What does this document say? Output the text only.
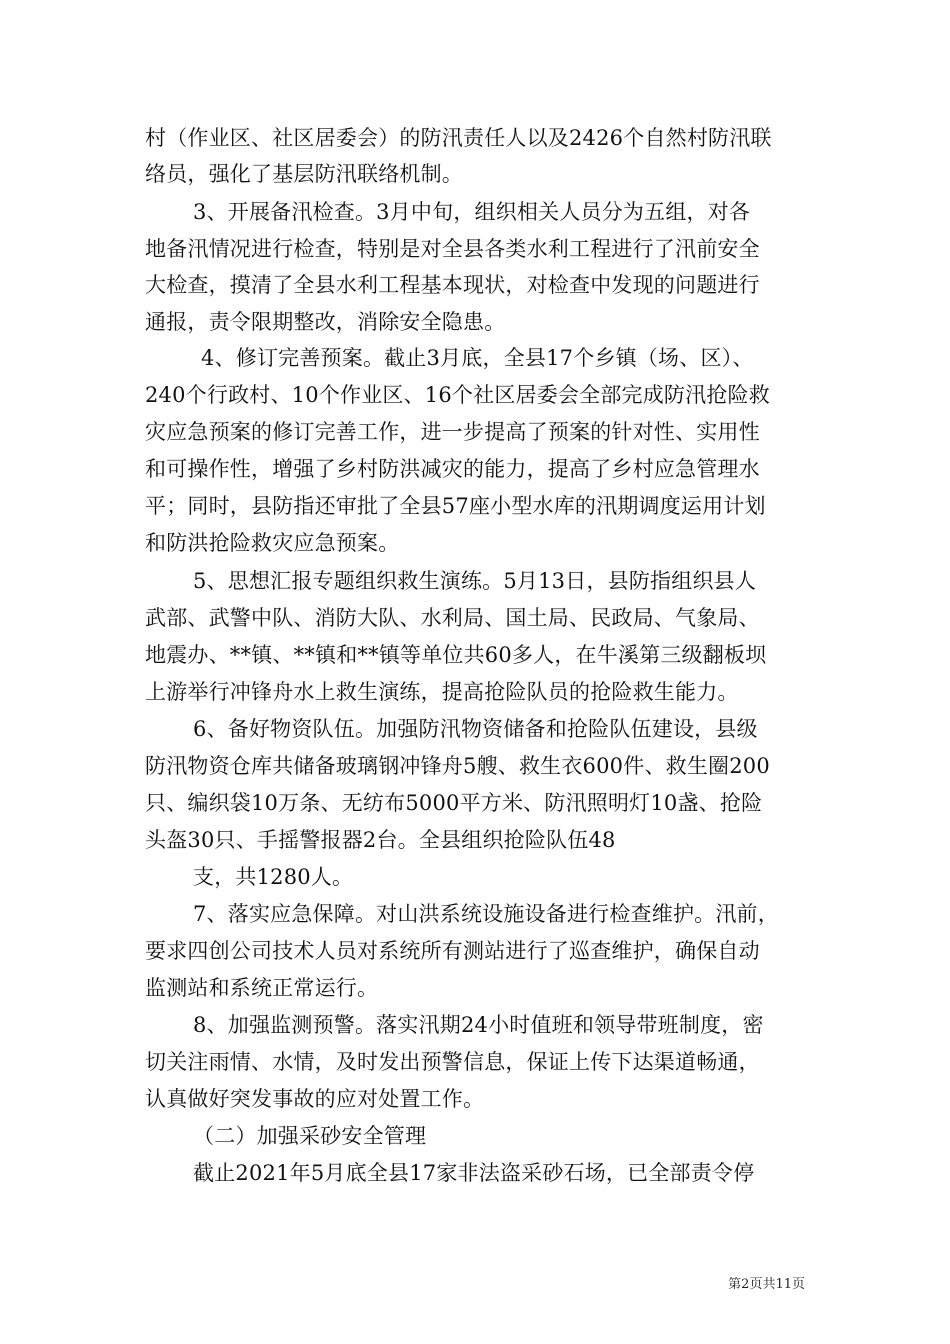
村（作业区、社区居委会）的防汛责任人以及2426个自然村防汛联
络员，强化了基层防汛联络机制。
3、开展备汛检查。3月中旬，组织相关人员分为五组，对各
地备汛情况进行检查，特别是对全县各类水利工程进行了汛前安全
大检查，摸清了全县水利工程基本现状，对检查中发现的问题进行
通报，责令限期整改，消除安全隐患。
4、修订完善预案。截止3月底，全县17个乡镇（场、区）、
240个行政村、10个作业区、16个社区居委会全部完成防汛抢险救
灾应急预案的修订完善工作，进一步提高了预案的针对性、实用性
和可操作性，增强了乡村防洪减灾的能力，提高了乡村应急管理水
平；同时，县防指还审批了全县57座小型水库的汛期调度运用计划
和防洪抢险救灾应急预案。
5、思想汇报专题组织救生演练。5月13日，县防指组织县人
武部、武警中队、消防大队、水利局、国土局、民政局、气象局、
地震办、**镇、**镇和**镇等单位共60多人，在牛溪第三级翻板坝
上游举行冲锋舟水上救生演练，提高抢险队员的抢险救生能力。
6、备好物资队伍。加强防汛物资储备和抢险队伍建设，县级
防汛物资仓库共储备玻璃钢冲锋舟5艘、救生衣600件、救生圈200
只、编织袋10万条、无纺布5000平方米、防汛照明灯10盏、抢险
头盔30只、手摇警报器2台。全县组织抢险队伍48
支，共1280人。
7、落实应急保障。对山洪系统设施设备进行检查维护。汛前，
要求四创公司技术人员对系统所有测站进行了巡查维护，确保自动
监测站和系统正常运行。
8、加强监测预警。落实汛期24小时值班和领导带班制度，密
切关注雨情、水情，及时发出预警信息，保证上传下达渠道畅通，
认真做好突发事故的应对处置工作。
（二）加强采砂安全管理
截止2021年5月底全县17家非法盗采砂石场，已全部责令停
第2页共11页
